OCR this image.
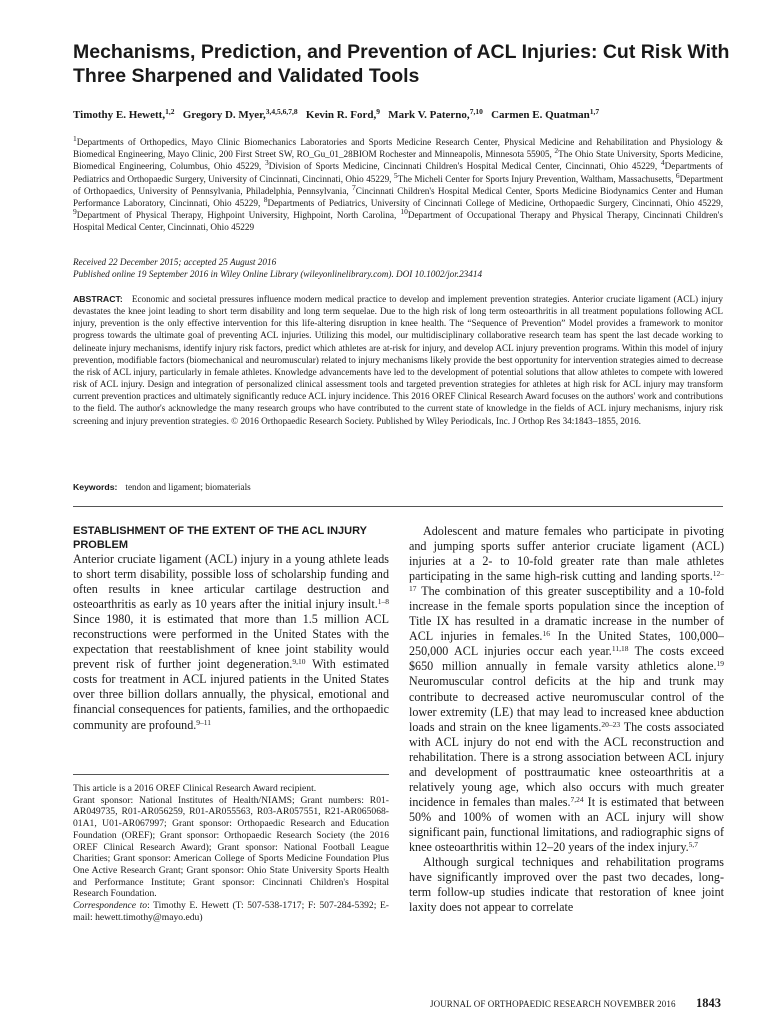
Mechanisms, Prediction, and Prevention of ACL Injuries: Cut Risk With Three Sharpened and Validated Tools
Timothy E. Hewett,$^{1,2}$ Gregory D. Myer,$^{3,4,5,6,7,8}$ Kevin R. Ford,$^9$ Mark V. Paterno,$^{7,10}$ Carmen E. Quatman$^{1,7}$
$^1$Departments of Orthopedics, Mayo Clinic Biomechanics Laboratories and Sports Medicine Research Center, Physical Medicine and Rehabilitation and Physiology & Biomedical Engineering, Mayo Clinic, 200 First Street SW, RO_Gu_01_28BIOM Rochester and Minneapolis, Minnesota 55905, $^2$The Ohio State University, Sports Medicine, Biomedical Engineering, Columbus, Ohio 45229, $^3$Division of Sports Medicine, Cincinnati Children's Hospital Medical Center, Cincinnati, Ohio 45229, $^4$Departments of Pediatrics and Orthopaedic Surgery, University of Cincinnati, Cincinnati, Ohio 45229, $^5$The Micheli Center for Sports Injury Prevention, Waltham, Massachusetts, $^6$Department of Orthopaedics, University of Pennsylvania, Philadelphia, Pennsylvania, $^7$Cincinnati Children's Hospital Medical Center, Sports Medicine Biodynamics Center and Human Performance Laboratory, Cincinnati, Ohio 45229, $^8$Departments of Pediatrics, University of Cincinnati College of Medicine, Orthopaedic Surgery, Cincinnati, Ohio 45229, $^9$Department of Physical Therapy, Highpoint University, Highpoint, North Carolina, $^{10}$Department of Occupational Therapy and Physical Therapy, Cincinnati Children's Hospital Medical Center, Cincinnati, Ohio 45229
Received 22 December 2015; accepted 25 August 2016
Published online 19 September 2016 in Wiley Online Library (wileyonlinelibrary.com). DOI 10.1002/jor.23414
ABSTRACT: Economic and societal pressures influence modern medical practice to develop and implement prevention strategies. Anterior cruciate ligament (ACL) injury devastates the knee joint leading to short term disability and long term sequelae. Due to the high risk of long term osteoarthritis in all treatment populations following ACL injury, prevention is the only effective intervention for this life-altering disruption in knee health. The “Sequence of Prevention” Model provides a framework to monitor progress towards the ultimate goal of preventing ACL injuries. Utilizing this model, our multidisciplinary collaborative research team has spent the last decade working to delineate injury mechanisms, identify injury risk factors, predict which athletes are at-risk for injury, and develop ACL injury prevention programs. Within this model of injury prevention, modifiable factors (biomechanical and neuromuscular) related to injury mechanisms likely provide the best opportunity for intervention strategies aimed to decrease the risk of ACL injury, particularly in female athletes. Knowledge advancements have led to the development of potential solutions that allow athletes to compete with lowered risk of ACL injury. Design and integration of personalized clinical assessment tools and targeted prevention strategies for athletes at high risk for ACL injury may transform current prevention practices and ultimately significantly reduce ACL injury incidence. This 2016 OREF Clinical Research Award focuses on the authors' work and contributions to the field. The author's acknowledge the many research groups who have contributed to the current state of knowledge in the fields of ACL injury mechanisms, injury risk screening and injury prevention strategies. © 2016 Orthopaedic Research Society. Published by Wiley Periodicals, Inc. J Orthop Res 34:1843–1855, 2016.
Keywords: tendon and ligament; biomaterials
ESTABLISHMENT OF THE EXTENT OF THE ACL INJURY PROBLEM

Anterior cruciate ligament (ACL) injury in a young athlete leads to short term disability, possible loss of scholarship funding and often results in knee articular cartilage destruction and osteoarthritis as early as 10 years after the initial injury insult.$^{1-8}$ Since 1980, it is estimated that more than 1.5 million ACL reconstructions were performed in the United States with the expectation that reestablishment of knee joint stability would prevent risk of further joint degeneration.$^{9,10}$ With estimated costs for treatment in ACL injured patients in the United States over three billion dollars annually, the physical, emotional and financial consequences for patients, families, and the orthopaedic community are profound.$^{9-11}$

This article is a 2016 OREF Clinical Research Award recipient.

Grant sponsor: National Institutes of Health/NIAMS; Grant numbers: R01-AR049735, R01-AR056259, R01-AR055563, R03-AR057551, R21-AR065068-01A1, U01-AR067997; Grant sponsor: Orthopaedic Research and Education Foundation (OREF); Grant sponsor: Orthopaedic Research Society (the 2016 OREF Clinical Research Award); Grant sponsor: National Football League Charities; Grant sponsor: American College of Sports Medicine Foundation Plus One Active Research Grant; Grant sponsor: Ohio State University Sports Health and Performance Institute; Grant sponsor: Cincinnati Children's Hospital Research Foundation.

Correspondence to: Timothy E. Hewett (T: 507-538-1717; F: 507-284-5392; E-mail: hewett.timothy@mayo.edu)

Adolescent and mature females who participate in pivoting and jumping sports suffer anterior cruciate ligament (ACL) injuries at a 2- to 10-fold greater rate than male athletes participating in the same high-risk cutting and landing sports.$^{12-17}$ The combination of this greater susceptibility and a 10-fold increase in the female sports population since the inception of Title IX has resulted in a dramatic increase in the number of ACL injuries in females.$^{16}$ In the United States, 100,000–250,000 ACL injuries occur each year.$^{11,18}$ The costs exceed $650 million annually in female varsity athletics alone.$^{19}$ Neuromuscular control deficits at the hip and trunk may contribute to decreased active neuromuscular control of the lower extremity (LE) that may lead to increased knee abduction loads and strain on the knee ligaments.$^{20-23}$ The costs associated with ACL injury do not end with the ACL reconstruction and rehabilitation. There is a strong association between ACL injury and development of posttraumatic knee osteoarthritis at a relatively young age, which also occurs with much greater incidence in females than males.$^{7,24}$ It is estimated that between 50% and 100% of women with an ACL injury will show significant pain, functional limitations, and radiographic signs of knee osteoarthritis within 12–20 years of the index injury.$^{5,7}$

Although surgical techniques and rehabilitation programs have significantly improved over the past two decades, long-term follow-up studies indicate that restoration of knee joint laxity does not appear to correlate

JOURNAL OF ORTHOPAEDIC RESEARCH NOVEMBER 2016 1843
